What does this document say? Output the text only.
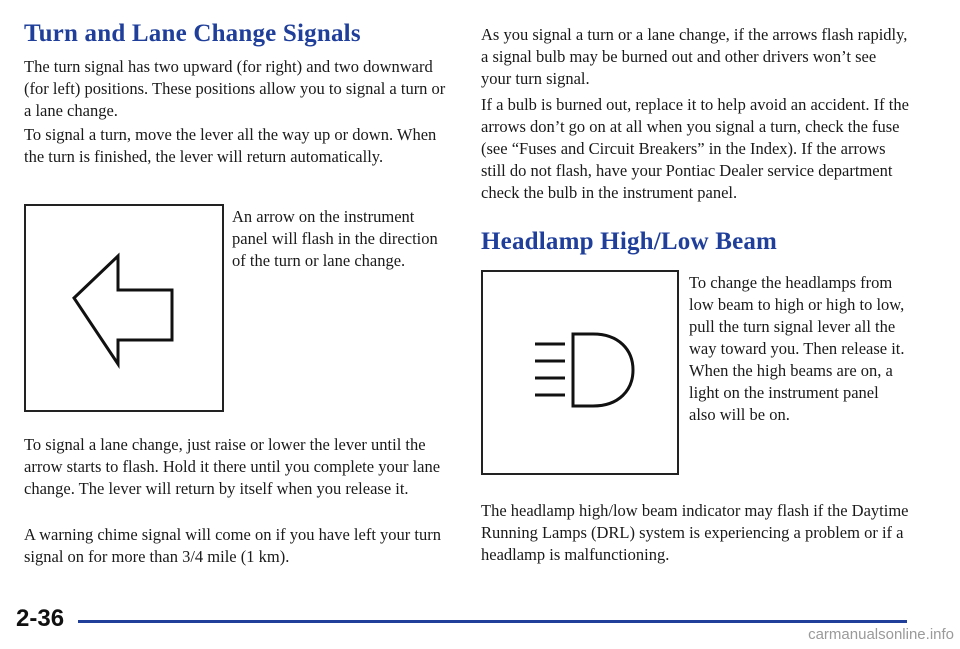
Turn and Lane Change Signals

The turn signal has two upward (for right) and two downward (for left) positions. These positions allow you to signal a turn or a lane change.

To signal a turn, move the lever all the way up or down. When the turn is finished, the lever will return automatically.

An arrow on the instrument panel will flash in the direction of the turn or lane change.

To signal a lane change, just raise or lower the lever until the arrow starts to flash. Hold it there until you complete your lane change. The lever will return by itself when you release it.

A warning chime signal will come on if you have left your turn signal on for more than 3/4 mile (1 km).

As you signal a turn or a lane change, if the arrows flash rapidly, a signal bulb may be burned out and other drivers won’t see your turn signal.

If a bulb is burned out, replace it to help avoid an accident. If the arrows don’t go on at all when you signal a turn, check the fuse (see “Fuses and Circuit Breakers” in the Index). If the arrows still do not flash, have your Pontiac Dealer service department check the bulb in the instrument panel.

Headlamp High/Low Beam

To change the headlamps from low beam to high or high to low, pull the turn signal lever all the way toward you. Then release it. When the high beams are on, a light on the instrument panel also will be on.

The headlamp high/low beam indicator may flash if the Daytime Running Lamps (DRL) system is experiencing a problem or if a headlamp is malfunctioning.

2-36
carmanualsonline.info
